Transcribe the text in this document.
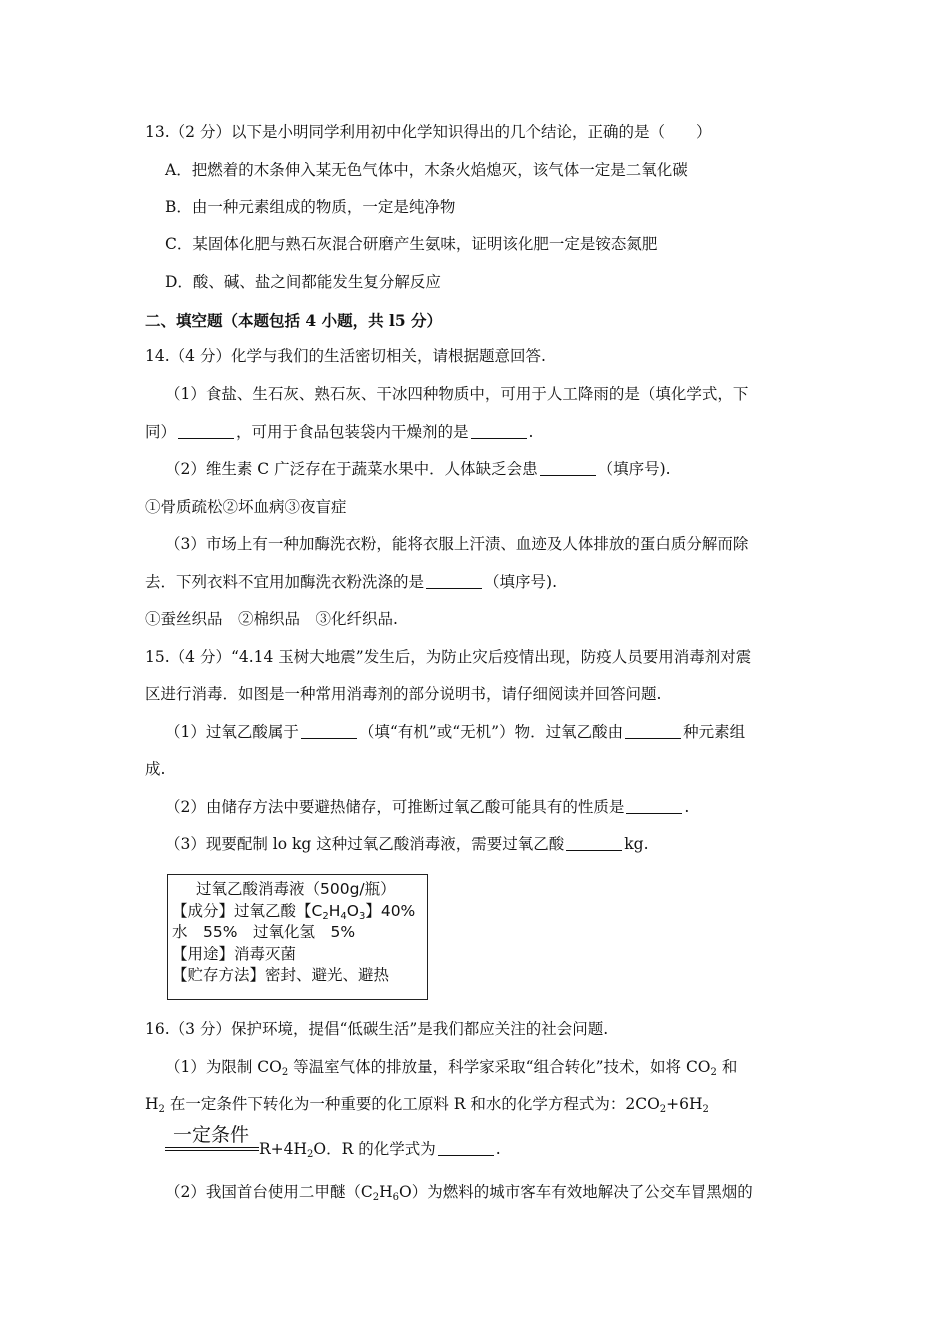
13.（2 分）以下是小明同学利用初中化学知识得出的几个结论，正确的是（　　）
A．把燃着的木条伸入某无色气体中，木条火焰熄灭，该气体一定是二氧化碳
B．由一种元素组成的物质，一定是纯净物
C．某固体化肥与熟石灰混合研磨产生氨味，证明该化肥一定是铵态氮肥
D．酸、碱、盐之间都能发生复分解反应
二、填空题（本题包括 4 小题，共 l5 分）
14.（4 分）化学与我们的生活密切相关，请根据题意回答.
（1）食盐、生石灰、熟石灰、干冰四种物质中，可用于人工降雨的是（填化学式，下
同）	，可用于食品包装袋内干燥剂的是	.
（2）维生素 C 广泛存在于蔬菜水果中．人体缺乏会患	（填序号).
①骨质疏松②坏血病③夜盲症
（3）市场上有一种加酶洗衣粉，能将衣服上汗渍、血迹及人体排放的蛋白质分解而除
去．下列衣料不宜用加酶洗衣粉洗涤的是	（填序号).
①蚕丝织品　②棉织品　③化纤织品.
15.（4 分）“4.14 玉树大地震”发生后，为防止灾后疫情出现，防疫人员要用消毒剂对震
区进行消毒．如图是一种常用消毒剂的部分说明书，请仔细阅读并回答问题.
（1）过氧乙酸属于	（填“有机”或“无机”）物．过氧乙酸由	种元素组
成.
（2）由储存方法中要避热储存，可推断过氧乙酸可能具有的性质是	.
（3）现要配制 lo kg 这种过氧乙酸消毒液，需要过氧乙酸	kg.
过氧乙酸消毒液（500g/瓶）
【成分】过氧乙酸【$C_2H_4O_3$】40%
水　55%　过氧化氢　5%
【用途】消毒灭菌
【贮存方法】密封、避光、避热
16.（3 分）保护环境，提倡“低碳生活”是我们都应关注的社会问题.
（1）为限制 $CO_2$ 等温室气体的排放量，科学家采取“组合转化”技术，如将 $CO_2$ 和
$H_2$ 在一定条件下转化为一种重要的化工原料 R 和水的化学方程式为：$2CO_2+6H_2$
一定条件
$R+4H_2O$．R 的化学式为	.
（2）我国首台使用二甲醚$(C_2H_6O)$为燃料的城市客车有效地解决了公交车冒黑烟的
